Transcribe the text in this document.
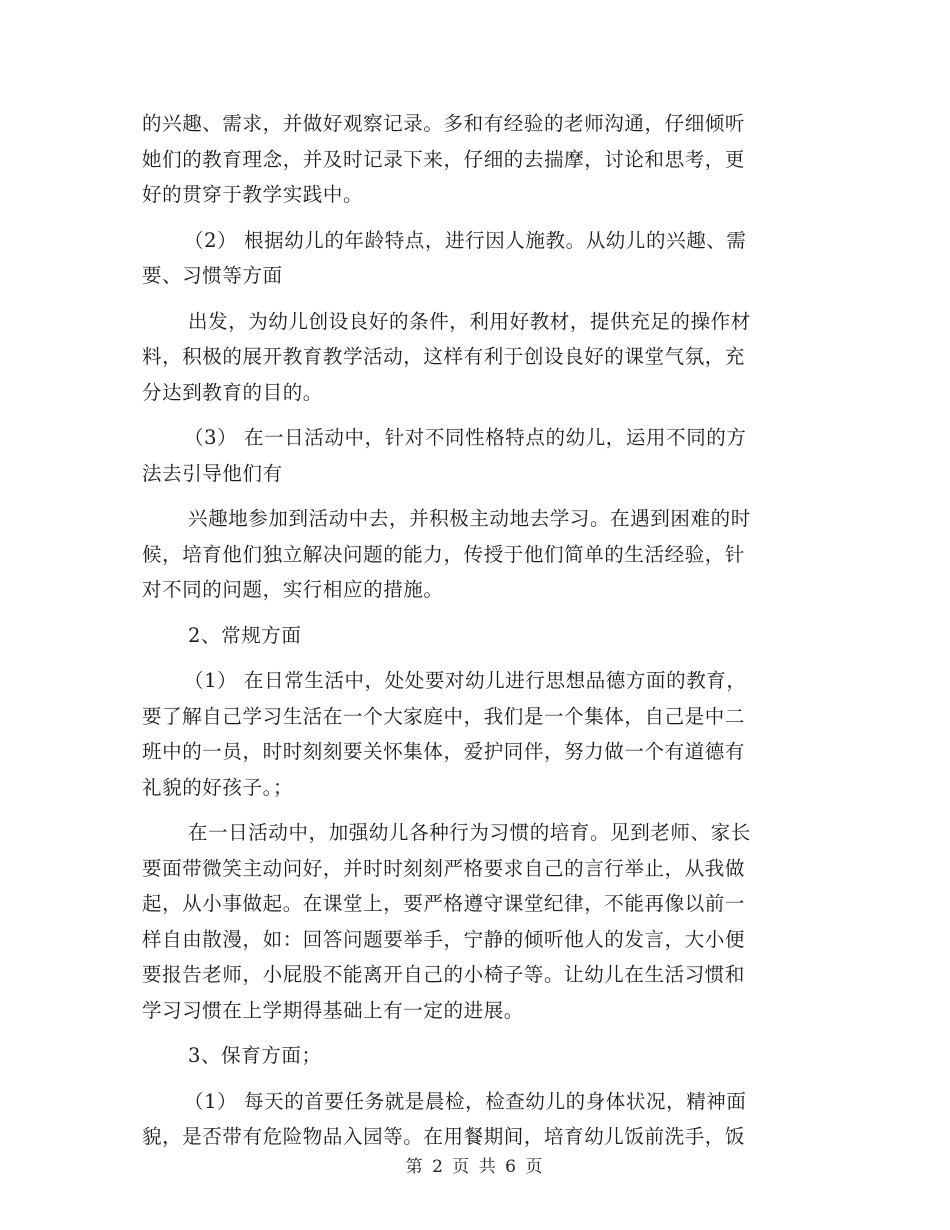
的兴趣、需求，并做好观察记录。多和有经验的老师沟通，仔细倾听
她们的教育理念，并及时记录下来，仔细的去揣摩，讨论和思考，更
好的贯穿于教学实践中。
（2） 根据幼儿的年龄特点，进行因人施教。从幼儿的兴趣、需
要、习惯等方面
出发，为幼儿创设良好的条件，利用好教材，提供充足的操作材
料，积极的展开教育教学活动，这样有利于创设良好的课堂气氛，充
分达到教育的目的。
（3） 在一日活动中，针对不同性格特点的幼儿，运用不同的方
法去引导他们有
兴趣地参加到活动中去，并积极主动地去学习。在遇到困难的时
候，培育他们独立解决问题的能力，传授于他们简单的生活经验，针
对不同的问题，实行相应的措施。
2、常规方面
（1） 在日常生活中，处处要对幼儿进行思想品德方面的教育，
要了解自己学习生活在一个大家庭中，我们是一个集体，自己是中二
班中的一员，时时刻刻要关怀集体，爱护同伴，努力做一个有道德有
礼貌的好孩子。；
在一日活动中，加强幼儿各种行为习惯的培育。见到老师、家长
要面带微笑主动问好，并时时刻刻严格要求自己的言行举止，从我做
起，从小事做起。在课堂上，要严格遵守课堂纪律，不能再像以前一
样自由散漫，如：回答问题要举手，宁静的倾听他人的发言，大小便
要报告老师，小屁股不能离开自己的小椅子等。让幼儿在生活习惯和
学习习惯在上学期得基础上有一定的进展。
3、保育方面；
（1） 每天的首要任务就是晨检，检查幼儿的身体状况，精神面
貌，是否带有危险物品入园等。在用餐期间，培育幼儿饭前洗手，饭
第 2 页 共 6 页
